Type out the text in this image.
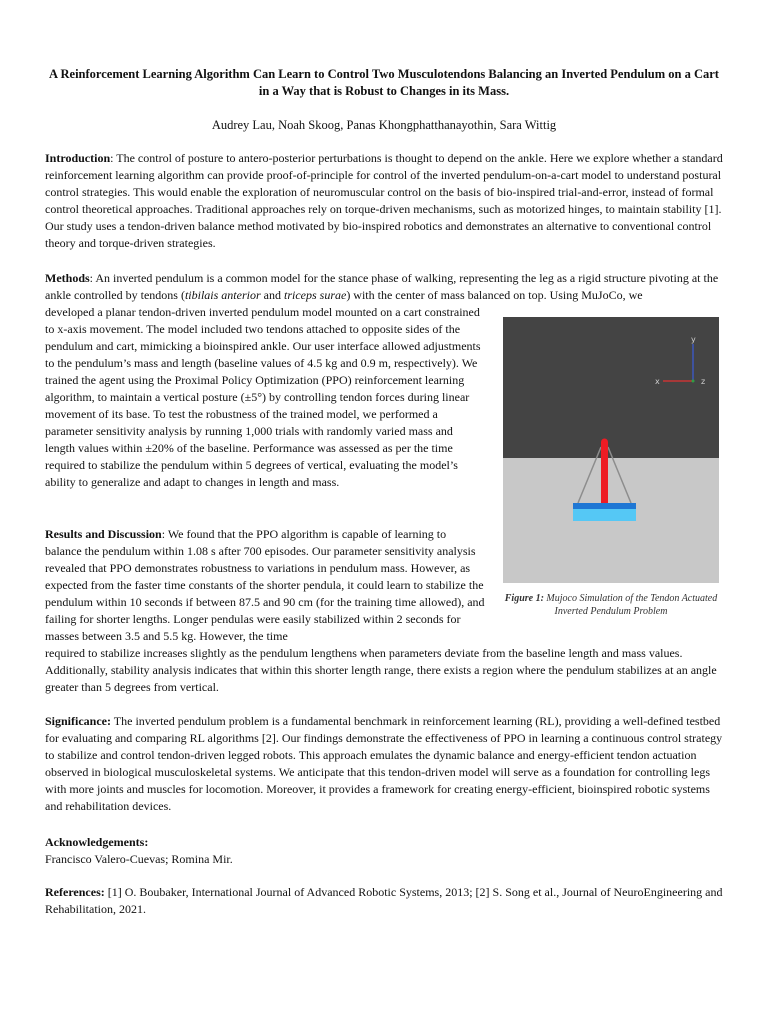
A Reinforcement Learning Algorithm Can Learn to Control Two Musculotendons Balancing an Inverted Pendulum on a Cart
in a Way that is Robust to Changes in its Mass.
Audrey Lau, Noah Skoog, Panas Khongphatthanayothin, Sara Wittig

Introduction: The control of posture to antero-posterior perturbations is thought to depend on the ankle. Here we explore whether a standard reinforcement learning algorithm can provide proof-of-principle for control of the inverted pendulum-on-a-cart model to understand postural control strategies. This would enable the exploration of neuromuscular control on the basis of bio-inspired trial-and-error, instead of formal control theoretical approaches. Traditional approaches rely on torque-driven mechanisms, such as motorized hinges, to maintain stability [1]. Our study uses a tendon-driven balance method motivated by bio-inspired robotics and demonstrates an alternative to conventional control theory and torque-driven strategies.

Methods: An inverted pendulum is a common model for the stance phase of walking, representing the leg as a rigid structure pivoting at the ankle controlled by tendons (tibilais anterior and triceps surae) with the center of mass balanced on top. Using MuJoCo, we

developed a planar tendon-driven inverted pendulum model mounted on a cart constrained to x-axis movement. The model included two tendons attached to opposite sides of the pendulum and cart, mimicking a bioinspired ankle. Our user interface allowed adjustments to the pendulum’s mass and length (baseline values of 4.5 kg and 0.9 m, respectively). We trained the agent using the Proximal Policy Optimization (PPO) reinforcement learning algorithm, to maintain a vertical posture (±5°) by controlling tendon forces during linear movement of its base. To test the robustness of the trained model, we performed a parameter sensitivity analysis by running 1,000 trials with randomly varied mass and length values within ±20% of the baseline. Performance was assessed as per the time required to stabilize the pendulum within 5 degrees of vertical, evaluating the model’s ability to generalize and adapt to changes in length and mass.

Results and Discussion: We found that the PPO algorithm is capable of learning to balance the pendulum within 1.08 s after 700 episodes. Our parameter sensitivity analysis revealed that PPO demonstrates robustness to variations in pendulum mass. However, as expected from the faster time constants of the shorter pendula, it could learn to stabilize the pendulum within 10 seconds if between 87.5 and 90 cm (for the training time allowed), and failing for shorter lengths. Longer pendulas were easily stabilized within 2 seconds for masses between 3.5 and 5.5 kg. However, the time

required to stabilize increases slightly as the pendulum lengthens when parameters deviate from the baseline length and mass values. Additionally, stability analysis indicates that within this shorter length range, there exists a region where the pendulum stabilizes at an angle greater than 5 degrees from vertical.

Significance: The inverted pendulum problem is a fundamental benchmark in reinforcement learning (RL), providing a well-defined testbed for evaluating and comparing RL algorithms [2]. Our findings demonstrate the effectiveness of PPO in learning a continuous control strategy to stabilize and control tendon-driven legged robots. This approach emulates the dynamic balance and energy-efficient tendon actuation observed in biological musculoskeletal systems. We anticipate that this tendon-driven model will serve as a foundation for controlling legs with more joints and muscles for locomotion. Moreover, it provides a framework for creating energy-efficient, bioinspired robotic systems and rehabilitation devices.

Acknowledgements:
Francisco Valero-Cuevas; Romina Mir.

References: [1] O. Boubaker, International Journal of Advanced Robotic Systems, 2013; [2] S. Song et al., Journal of NeuroEngineering and Rehabilitation, 2021.

y
x	z
Figure 1: Mujoco Simulation of the Tendon Actuated Inverted Pendulum Problem
